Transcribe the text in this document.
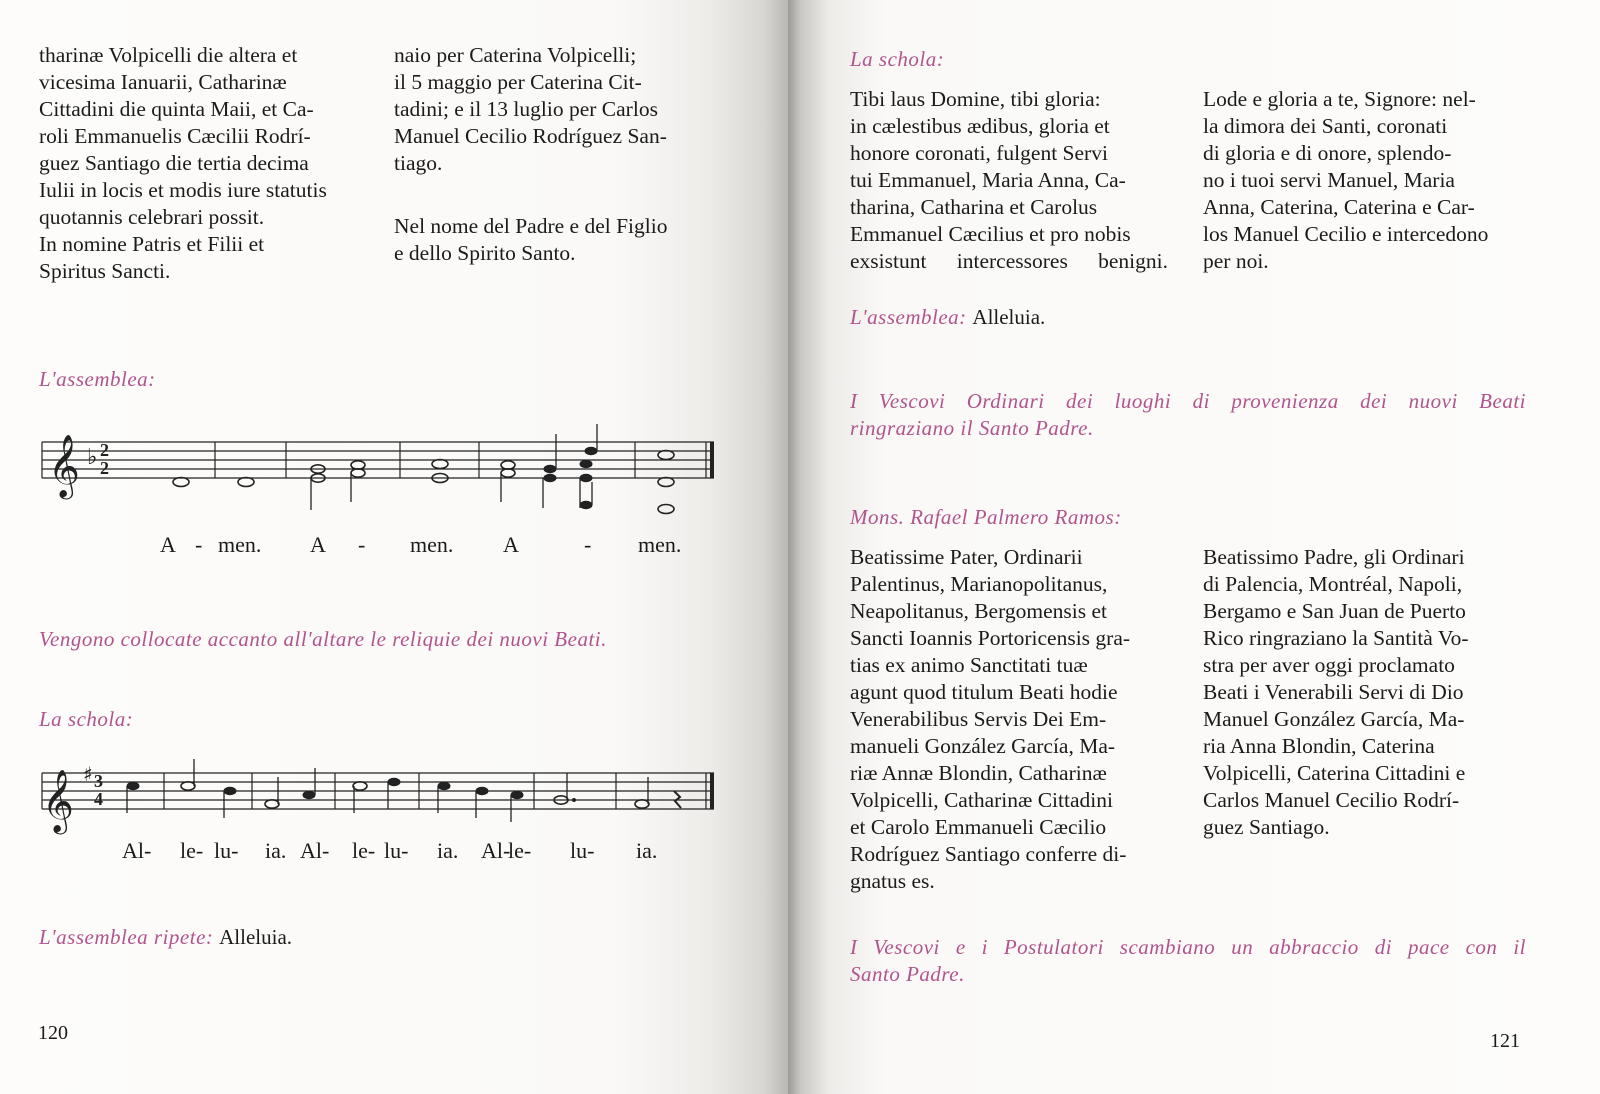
tharinæ Volpicelli die altera et
vicesima Ianuarii, Catharinæ
Cittadini die quinta Maii, et Ca-
roli Emmanuelis Cæcilii Rodrí-
guez Santiago die tertia decima
Iulii in locis et modis iure statutis
quotannis celebrari possit.
In nomine Patris et Filii et
Spiritus Sancti.
naio per Caterina Volpicelli;
il 5 maggio per Caterina Cit-
tadini; e il 13 luglio per Carlos
Manuel Cecilio Rodríguez San-
tiago.
Nel nome del Padre e del Figlio
e dello Spirito Santo.
L'assemblea:
𝄞 ♭ 2
2
A - men. A - men. A	- men.
Vengono collocate accanto all'altare le reliquie dei nuovi Beati.
La schola:
𝄞 ♯ 3
4
Al- le- lu- ia. Al- le- lu- ia. Al-
le- lu- ia.
L'assemblea ripete: Alleluia.
120
La schola:
Tibi laus Domine, tibi gloria:
in cælestibus ædibus, gloria et
honore coronati, fulgent Servi
tui Emmanuel, Maria Anna, Ca-
tharina, Catharina et Carolus
Emmanuel Cæcilius et pro nobis
exsistunt intercessores benigni.
Lode e gloria a te, Signore: nel-
la dimora dei Santi, coronati
di gloria e di onore, splendo-
no i tuoi servi Manuel, Maria
Anna, Caterina, Caterina e Car-
los Manuel Cecilio e intercedono
per noi.
L'assemblea: Alleluia.
I Vescovi Ordinari dei luoghi di provenienza dei nuovi Beati
ringraziano il Santo Padre.
Mons. Rafael Palmero Ramos:
Beatissime Pater, Ordinarii
Palentinus, Marianopolitanus,
Neapolitanus, Bergomensis et
Sancti Ioannis Portoricensis gra-
tias ex animo Sanctitati tuæ
agunt quod titulum Beati hodie
Venerabilibus Servis Dei Em-
manueli González García, Ma-
riæ Annæ Blondin, Catharinæ
Volpicelli, Catharinæ Cittadini
et Carolo Emmanueli Cæcilio
Rodríguez Santiago conferre di-
gnatus es.
Beatissimo Padre, gli Ordinari
di Palencia, Montréal, Napoli,
Bergamo e San Juan de Puerto
Rico ringraziano la Santità Vo-
stra per aver oggi proclamato
Beati i Venerabili Servi di Dio
Manuel González García, Ma-
ria Anna Blondin, Caterina
Volpicelli, Caterina Cittadini e
Carlos Manuel Cecilio Rodrí-
guez Santiago.
I Vescovi e i Postulatori scambiano un abbraccio di pace con il
Santo Padre.
121
